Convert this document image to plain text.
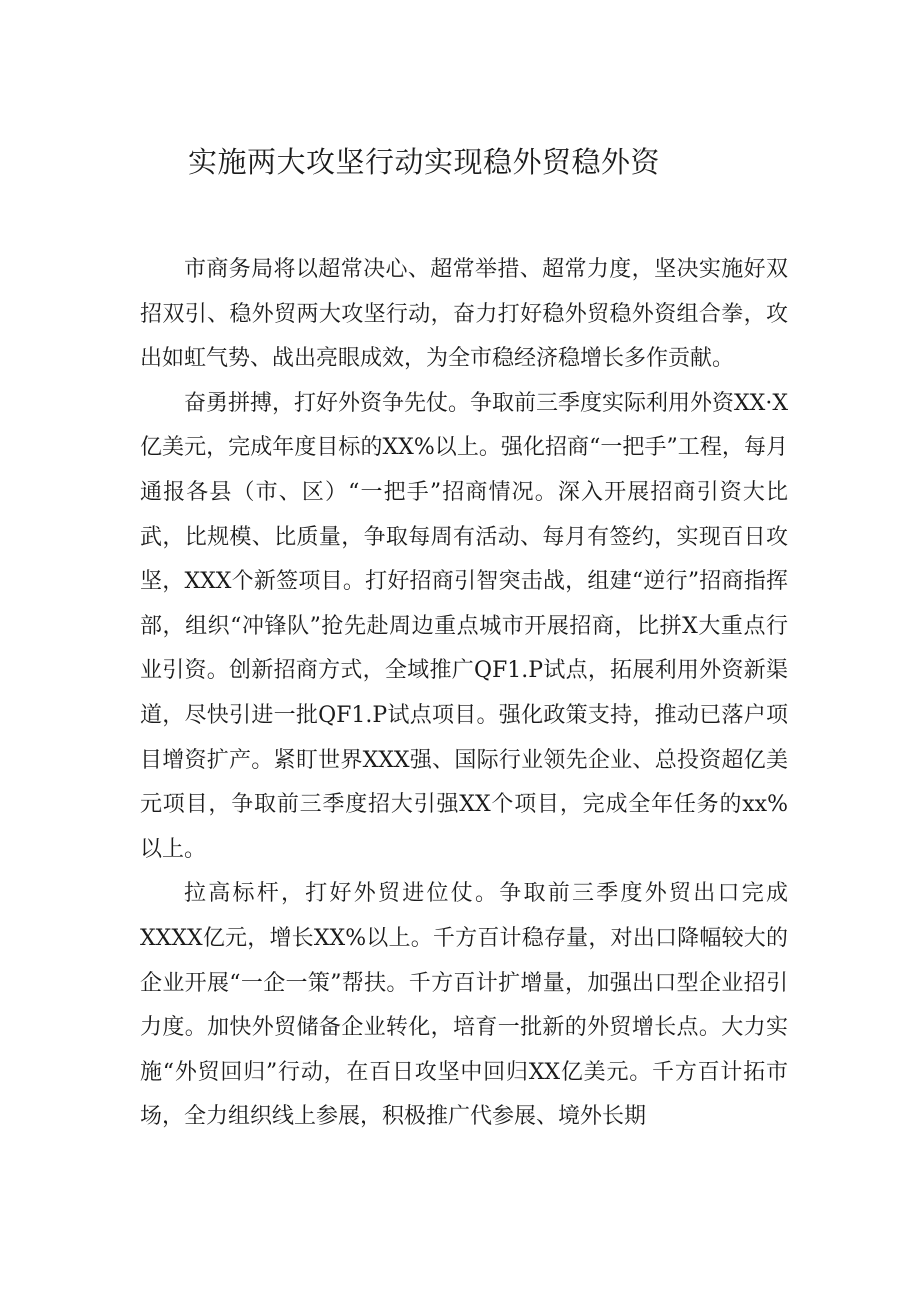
实施两大攻坚行动实现稳外贸稳外资

市商务局将以超常决心、超常举措、超常力度，坚决实施好双招双引、稳外贸两大攻坚行动，奋力打好稳外贸稳外资组合拳，攻出如虹气势、战出亮眼成效，为全市稳经济稳增长多作贡献。

奋勇拼搏，打好外资争先仗。争取前三季度实际利用外资XX·X亿美元，完成年度目标的XX%以上。强化招商“一把手”工程，每月通报各县（市、区）“一把手”招商情况。深入开展招商引资大比武，比规模、比质量，争取每周有活动、每月有签约，实现百日攻坚，XXX个新签项目。打好招商引智突击战，组建“逆行”招商指挥部，组织“冲锋队”抢先赴周边重点城市开展招商，比拼X大重点行业引资。创新招商方式，全域推广QF1.P试点，拓展利用外资新渠道，尽快引进一批QF1.P试点项目。强化政策支持，推动已落户项目增资扩产。紧盯世界XXX强、国际行业领先企业、总投资超亿美元项目，争取前三季度招大引强XX个项目，完成全年任务的xx%以上。

拉高标杆，打好外贸进位仗。争取前三季度外贸出口完成XXXX亿元，增长XX%以上。千方百计稳存量，对出口降幅较大的企业开展“一企一策”帮扶。千方百计扩增量，加强出口型企业招引力度。加快外贸储备企业转化，培育一批新的外贸增长点。大力实施“外贸回归”行动，在百日攻坚中回归XX亿美元。千方百计拓市场，全力组织线上参展，积极推广代参展、境外长期
